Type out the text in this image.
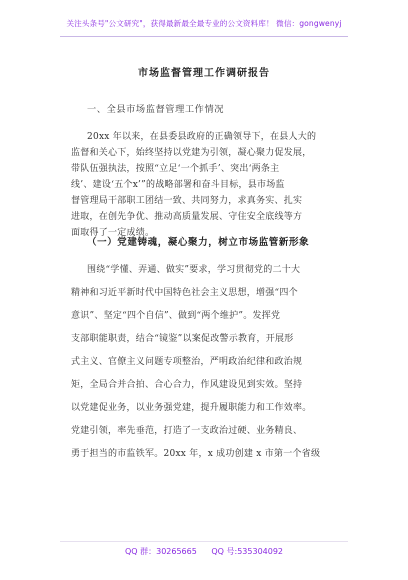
关注头条号"公文研究"，获得最新最全最专业的公文资料库！ 微信：gongwenyj
市场监督管理工作调研报告
一、全县市场监督管理工作情况
20xx 年以来，在县委县政府的正确领导下，在县人大的
监督和关心下，始终坚持以党建为引领，凝心聚力促发展，
带队伍强执法，按照“立足‘一个抓手’、突出‘两条主
线’、建设‘五个x’”的战略部署和奋斗目标，县市场监
督管理局干部职工团结一致、共同努力，求真务实、扎实
进取，在创先争优、推动高质量发展、守住安全底线等方
面取得了一定成绩。
（一）党建铸魂，凝心聚力，树立市场监管新形象
围绕“学懂、弄通、做实”要求，学习贯彻党的二十大
精神和习近平新时代中国特色社会主义思想，增强“四个
意识”、坚定“四个自信”、做到“两个维护”。发挥党
支部职能职责，结合“镜鉴”以案促改警示教育，开展形
式主义、官僚主义问题专项整治，严明政治纪律和政治规
矩，全局合并合拍、合心合力，作风建设见到实效。坚持
以党建促业务，以业务强党建，提升履职能力和工作效率。
党建引领，率先垂范，打造了一支政治过硬、业务精良、
勇于担当的市监铁军。20xx 年，x 成功创建 x 市第一个省级
QQ 群：30265665 QQ 号:535304092
